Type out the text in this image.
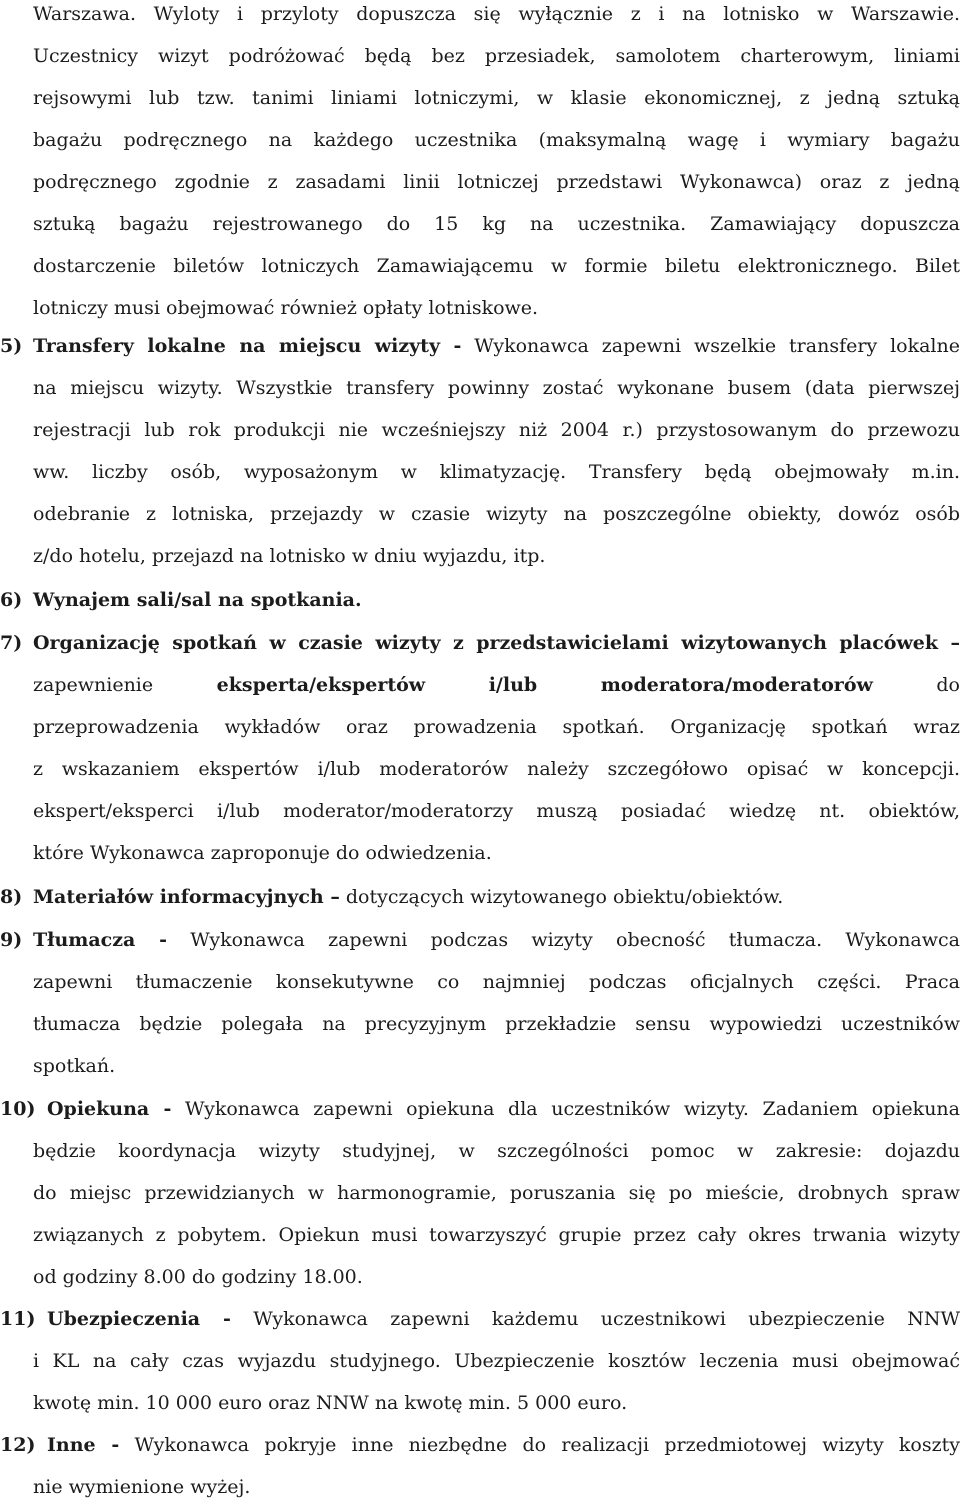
Warszawa. Wyloty i przyloty dopuszcza się wyłącznie z i na lotnisko w Warszawie.
Uczestnicy wizyt podróżować będą bez przesiadek, samolotem charterowym, liniami
rejsowymi lub tzw. tanimi liniami lotniczymi, w klasie ekonomicznej, z jedną sztuką
bagażu podręcznego na każdego uczestnika (maksymalną wagę i wymiary bagażu
podręcznego zgodnie z zasadami linii lotniczej przedstawi Wykonawca) oraz z jedną
sztuką bagażu rejestrowanego do 15 kg na uczestnika. Zamawiający dopuszcza
dostarczenie biletów lotniczych Zamawiającemu w formie biletu elektronicznego. Bilet
lotniczy musi obejmować również opłaty lotniskowe.
5) Transfery lokalne na miejscu wizyty - Wykonawca zapewni wszelkie transfery lokalne
na miejscu wizyty. Wszystkie transfery powinny zostać wykonane busem (data pierwszej
rejestracji lub rok produkcji nie wcześniejszy niż 2004 r.) przystosowanym do przewozu
ww. liczby osób, wyposażonym w klimatyzację. Transfery będą obejmowały m.in.
odebranie z lotniska, przejazdy w czasie wizyty na poszczególne obiekty, dowóz osób
z/do hotelu, przejazd na lotnisko w dniu wyjazdu, itp.
6) Wynajem sali/sal na spotkania.
7) Organizację spotkań w czasie wizyty z przedstawicielami wizytowanych placówek –
zapewnienie	eksperta/ekspertów	i/lub	moderatora/moderatorów	do
przeprowadzenia wykładów oraz prowadzenia spotkań. Organizację spotkań wraz
z wskazaniem ekspertów i/lub moderatorów należy szczegółowo opisać w koncepcji.
ekspert/eksperci i/lub moderator/moderatorzy muszą posiadać wiedzę nt. obiektów,
które Wykonawca zaproponuje do odwiedzenia.
8) Materiałów informacyjnych – dotyczących wizytowanego obiektu/obiektów.
9) Tłumacza - Wykonawca zapewni podczas wizyty obecność tłumacza. Wykonawca
zapewni tłumaczenie konsekutywne co najmniej podczas oficjalnych części. Praca
tłumacza będzie polegała na precyzyjnym przekładzie sensu wypowiedzi uczestników
spotkań.
10) Opiekuna - Wykonawca zapewni opiekuna dla uczestników wizyty. Zadaniem opiekuna
będzie koordynacja wizyty studyjnej, w szczególności pomoc w zakresie: dojazdu
do miejsc przewidzianych w harmonogramie, poruszania się po mieście, drobnych spraw
związanych z pobytem. Opiekun musi towarzyszyć grupie przez cały okres trwania wizyty
od godziny 8.00 do godziny 18.00.
11) Ubezpieczenia - Wykonawca zapewni każdemu uczestnikowi ubezpieczenie NNW
i KL na cały czas wyjazdu studyjnego. Ubezpieczenie kosztów leczenia musi obejmować
kwotę min. 10 000 euro oraz NNW na kwotę min. 5 000 euro.
12) Inne - Wykonawca pokryje inne niezbędne do realizacji przedmiotowej wizyty koszty
nie wymienione wyżej.
